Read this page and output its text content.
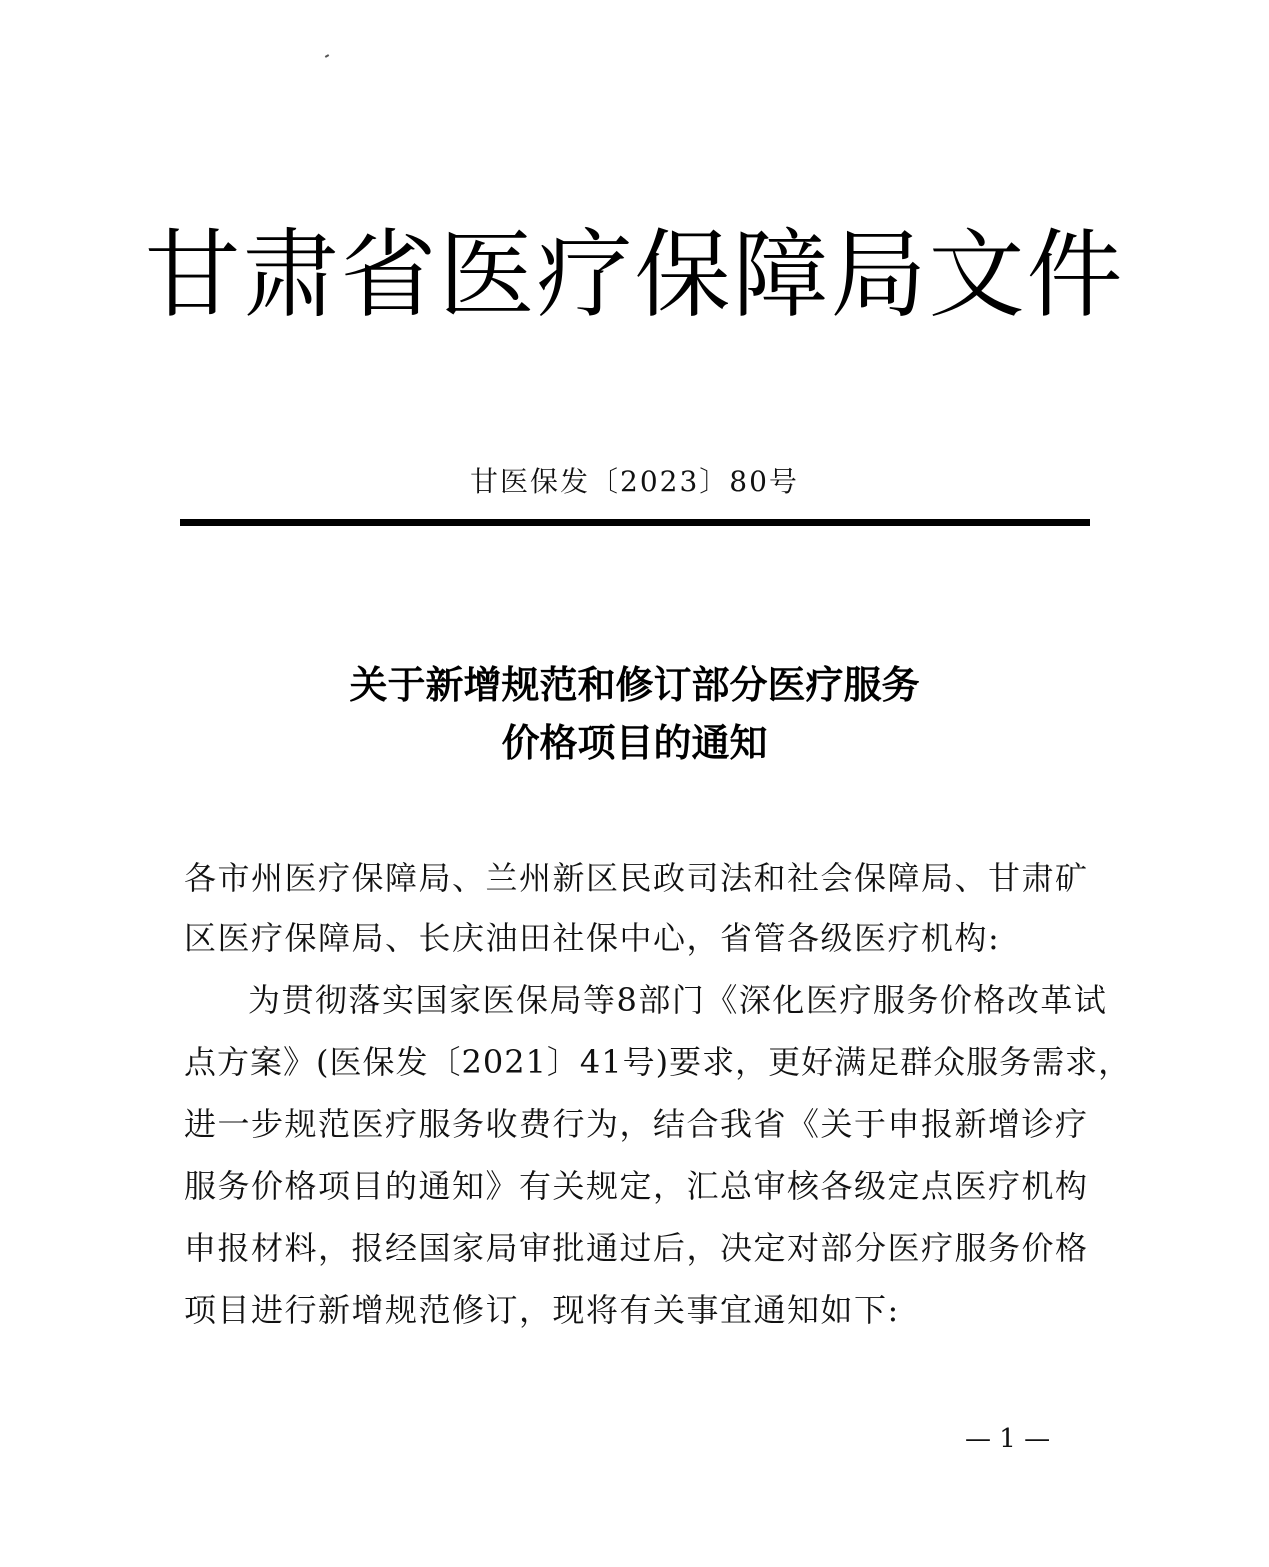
甘肃省医疗保障局文件
甘医保发〔2023〕80号
关于新增规范和修订部分医疗服务
价格项目的通知
各市州医疗保障局、兰州新区民政司法和社会保障局、甘肃矿
区医疗保障局、长庆油田社保中心，省管各级医疗机构:
为贯彻落实国家医保局等8部门《深化医疗服务价格改革试
点方案》(医保发〔2021〕41号)要求，更好满足群众服务需求，
进一步规范医疗服务收费行为，结合我省《关于申报新增诊疗
服务价格项目的通知》有关规定，汇总审核各级定点医疗机构
申报材料，报经国家局审批通过后，决定对部分医疗服务价格
项目进行新增规范修订，现将有关事宜通知如下:
— 1 —
